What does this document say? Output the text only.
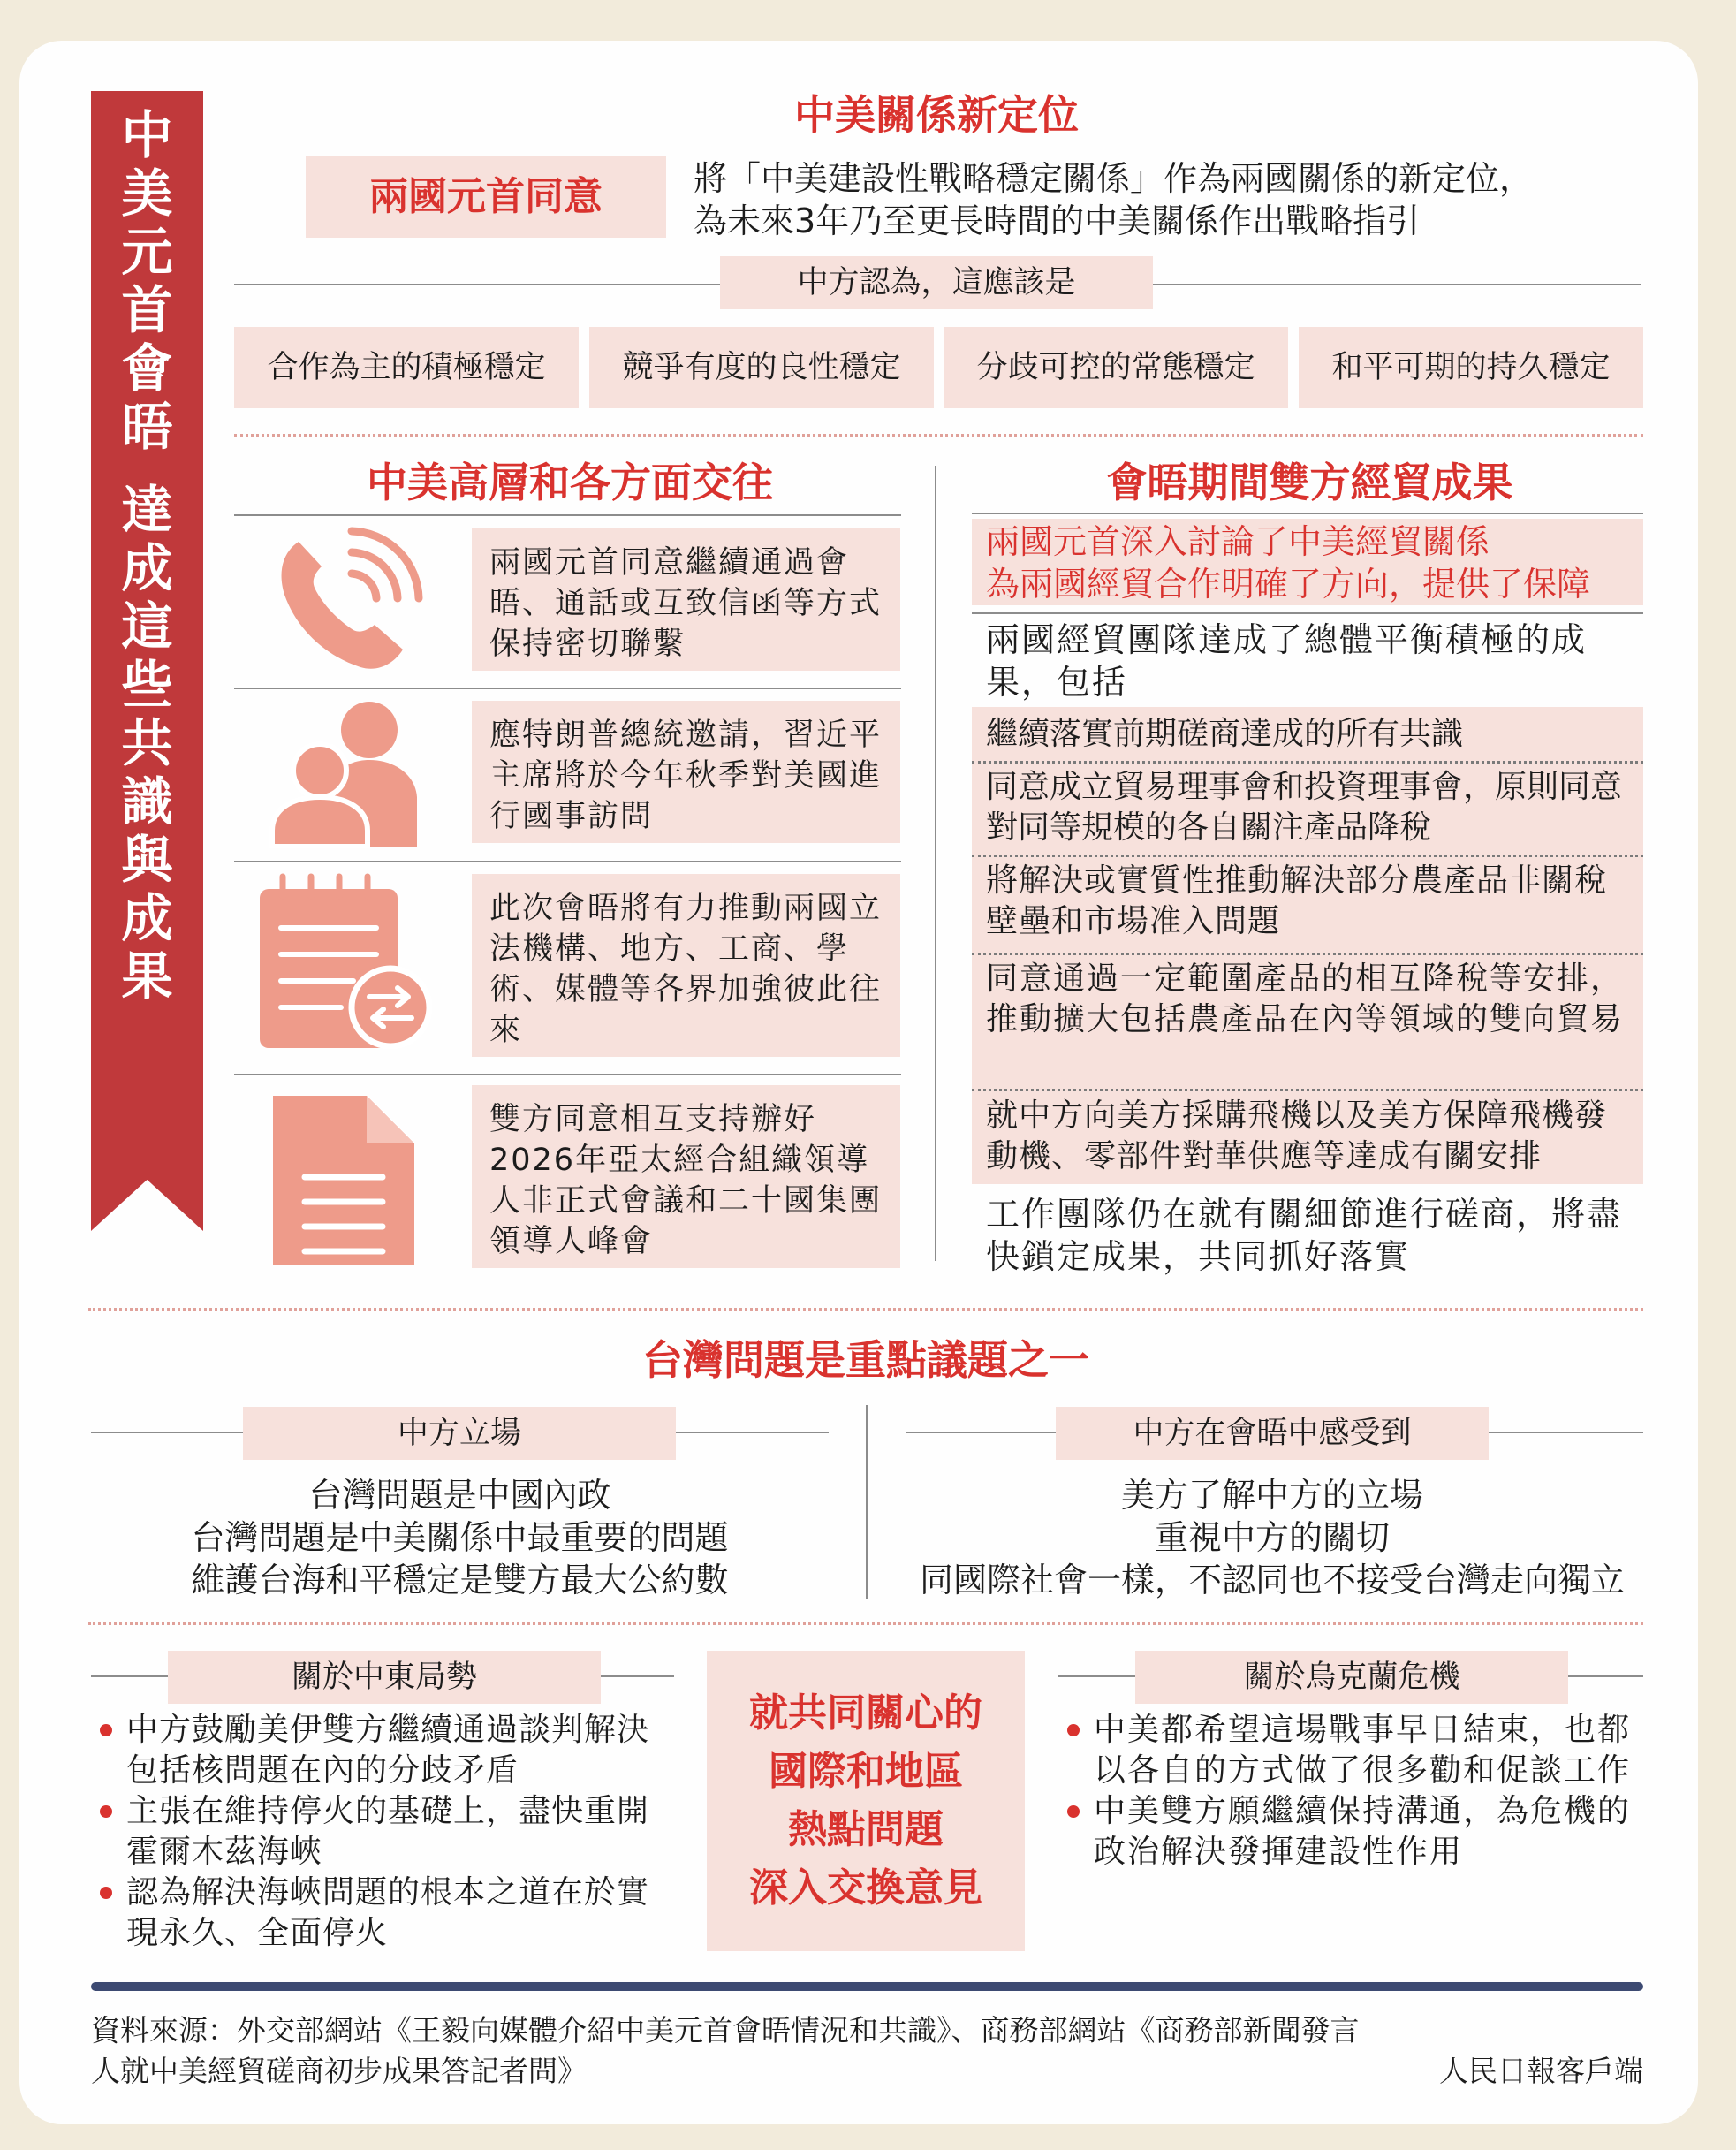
中美元首會晤
達成這些共識與成果
中美關係新定位
兩國元首同意	將「中美建設性戰略穩定關係」作為兩國關係的新定位，
為未來3年乃至更長時間的中美關係作出戰略指引
中方認為，這應該是
合作為主的積極穩定	競爭有度的良性穩定	分歧可控的常態穩定	和平可期的持久穩定
中美高層和各方面交往
兩國元首同意繼續通過會晤、通話或互致信函等方式保持密切聯繫
應特朗普總統邀請，習近平主席將於今年秋季對美國進行國事訪問
此次會晤將有力推動兩國立法機構、地方、工商、學術、媒體等各界加強彼此往來
雙方同意相互支持辦好2026年亞太經合組織領導人非正式會議和二十國集團領導人峰會
會晤期間雙方經貿成果
兩國元首深入討論了中美經貿關係
為兩國經貿合作明確了方向，提供了保障
兩國經貿團隊達成了總體平衡積極的成果，包括
繼續落實前期磋商達成的所有共識
同意成立貿易理事會和投資理事會，原則同意對同等規模的各自關注產品降稅
將解決或實質性推動解決部分農產品非關稅壁壘和市場准入問題
同意通過一定範圍產品的相互降稅等安排，推動擴大包括農產品在內等領域的雙向貿易
就中方向美方採購飛機以及美方保障飛機發動機、零部件對華供應等達成有關安排
工作團隊仍在就有關細節進行磋商，將盡快鎖定成果，共同抓好落實
台灣問題是重點議題之一
中方立場
台灣問題是中國內政
台灣問題是中美關係中最重要的問題
維護台海和平穩定是雙方最大公約數
中方在會晤中感受到
美方了解中方的立場
重視中方的關切
同國際社會一樣，不認同也不接受台灣走向獨立
關於中東局勢
中方鼓勵美伊雙方繼續通過談判解決包括核問題在內的分歧矛盾
主張在維持停火的基礎上，盡快重開霍爾木茲海峽
認為解決海峽問題的根本之道在於實現永久、全面停火
就共同關心的
國際和地區
熱點問題
深入交換意見
關於烏克蘭危機
中美都希望這場戰事早日結束，也都以各自的方式做了很多勸和促談工作
中美雙方願繼續保持溝通，為危機的政治解決發揮建設性作用
資料來源：外交部網站《王毅向媒體介紹中美元首會晤情況和共識》、商務部網站《商務部新聞發言
人就中美經貿磋商初步成果答記者問》	人民日報客戶端
